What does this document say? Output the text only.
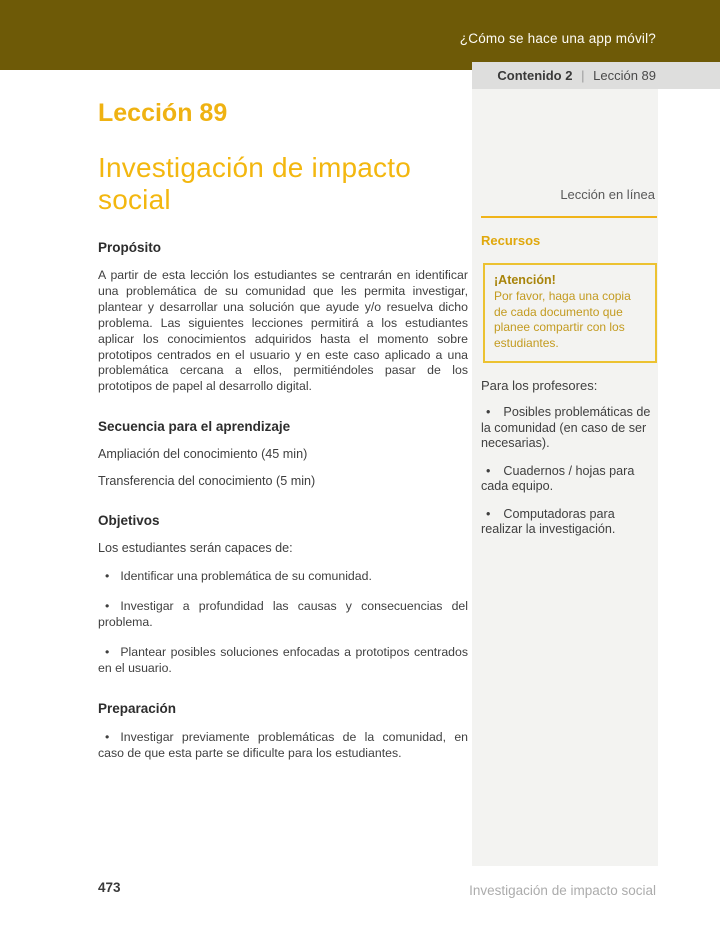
¿Cómo se hace una app móvil?
Contenido 2 | Lección 89
Lección en línea
Recursos
¡Atención!
Por favor, haga una copia de cada documento que planee compartir con los estudiantes.
Para los profesores:
• Posibles problemáticas de la comunidad (en caso de ser necesarias).
• Cuadernos / hojas para cada equipo.
• Computadoras para realizar la investigación.
Lección 89
Investigación de impacto social
Propósito
A partir de esta lección los estudiantes se centrarán en identificar una problemática de su comunidad que les permita investigar, plantear y desarrollar una solución que ayude y/o resuelva dicho problema. Las siguientes lecciones permitirá a los estudiantes aplicar los conocimientos adquiridos hasta el momento sobre prototipos centrados en el usuario y en este caso aplicado a una problemática cercana a ellos, permitiéndoles pasar de los prototipos de papel al desarrollo digital.
Secuencia para el aprendizaje
Ampliación del conocimiento (45 min)
Transferencia del conocimiento (5 min)
Objetivos
Los estudiantes serán capaces de:
• Identificar una problemática de su comunidad.
• Investigar a profundidad las causas y consecuencias del problema.
• Plantear posibles soluciones enfocadas a prototipos centrados en el usuario.
Preparación
• Investigar previamente problemáticas de la comunidad, en caso de que esta parte se dificulte para los estudiantes.
473	Investigación de impacto social
